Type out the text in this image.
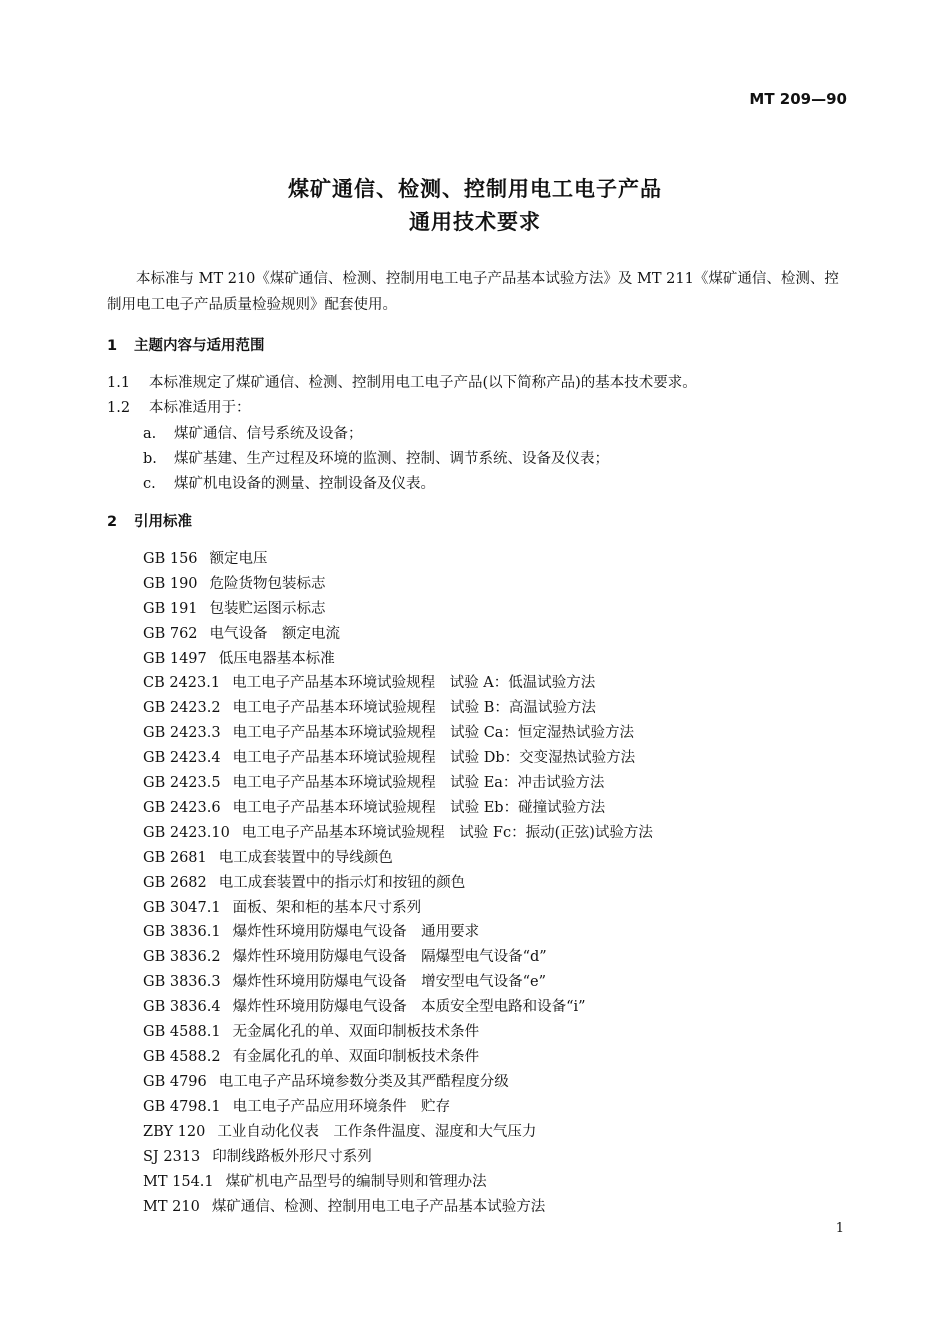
MT 209—90
煤矿通信、检测、控制用电工电子产品
通用技术要求
本标准与 MT 210《煤矿通信、检测、控制用电工电子产品基本试验方法》及 MT 211《煤矿通信、检测、控制用电工电子产品质量检验规则》配套使用。
1 主题内容与适用范围
1.1 本标准规定了煤矿通信、检测、控制用电工电子产品(以下简称产品)的基本技术要求。
1.2 本标准适用于：
a. 煤矿通信、信号系统及设备；
b. 煤矿基建、生产过程及环境的监测、控制、调节系统、设备及仪表；
c. 煤矿机电设备的测量、控制设备及仪表。
2 引用标准
GB 156 额定电压
GB 190 危险货物包装标志
GB 191 包装贮运图示标志
GB 762 电气设备　额定电流
GB 1497 低压电器基本标准
CB 2423.1 电工电子产品基本环境试验规程　试验 A：低温试验方法
GB 2423.2 电工电子产品基本环境试验规程　试验 B：高温试验方法
GB 2423.3 电工电子产品基本环境试验规程　试验 Ca：恒定湿热试验方法
GB 2423.4 电工电子产品基本环境试验规程　试验 Db：交变湿热试验方法
GB 2423.5 电工电子产品基本环境试验规程　试验 Ea：冲击试验方法
GB 2423.6 电工电子产品基本环境试验规程　试验 Eb：碰撞试验方法
GB 2423.10 电工电子产品基本环境试验规程　试验 Fc：振动(正弦)试验方法
GB 2681 电工成套装置中的导线颜色
GB 2682 电工成套装置中的指示灯和按钮的颜色
GB 3047.1 面板、架和柜的基本尺寸系列
GB 3836.1 爆炸性环境用防爆电气设备　通用要求
GB 3836.2 爆炸性环境用防爆电气设备　隔爆型电气设备“d”
GB 3836.3 爆炸性环境用防爆电气设备　增安型电气设备“e”
GB 3836.4 爆炸性环境用防爆电气设备　本质安全型电路和设备“i”
GB 4588.1 无金属化孔的单、双面印制板技术条件
GB 4588.2 有金属化孔的单、双面印制板技术条件
GB 4796 电工电子产品环境参数分类及其严酷程度分级
GB 4798.1 电工电子产品应用环境条件　贮存
ZBY 120 工业自动化仪表　工作条件温度、湿度和大气压力
SJ 2313 印制线路板外形尺寸系列
MT 154.1 煤矿机电产品型号的编制导则和管理办法
MT 210 煤矿通信、检测、控制用电工电子产品基本试验方法
1
